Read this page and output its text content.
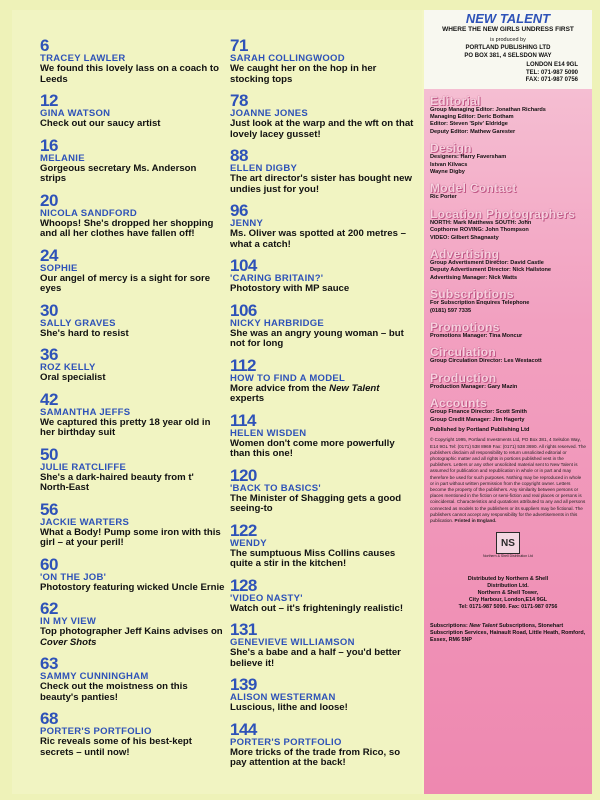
6
TRACEY LAWLER
We found this lovely lass on a coach to Leeds
12
GINA WATSON
Check out our saucy artist
16
MELANIE
Gorgeous secretary Ms. Anderson strips
20
NICOLA SANDFORD
Whoops! She's dropped her shopping and all her clothes have fallen off!
24
SOPHIE
Our angel of mercy is a sight for sore eyes
30
SALLY GRAVES
She's hard to resist
36
ROZ KELLY
Oral specialist
42
SAMANTHA JEFFS
We captured this pretty 18 year old in her birthday suit
50
JULIE RATCLIFFE
She's a dark-haired beauty from t' North-East
56
JACKIE WARTERS
What a Body! Pump some iron with this girl – at your peril!
60
'ON THE JOB'
Photostory featuring wicked Uncle Ernie
62
IN MY VIEW
Top photographer Jeff Kains advises on Cover Shots
63
SAMMY CUNNINGHAM
Check out the moistness on this beauty's panties!
68
PORTER'S PORTFOLIO
Ric reveals some of his best-kept secrets – until now!
71
SARAH COLLINGWOOD
We caught her on the hop in her stocking tops
78
JOANNE JONES
Just look at the warp and the wft on that lovely lacey gusset!
88
ELLEN DIGBY
The art director's sister has bought new undies just for you!
96
JENNY
Ms. Oliver was spotted at 200 metres – what a catch!
104
'CARING BRITAIN?'
Photostory with MP sauce
106
NICKY HARBRIDGE
She was an angry young woman – but not for long
112
HOW TO FIND A MODEL
More advice from the New Talent experts
114
HELEN WISDEN
Women don't come more powerfully than this one!
120
'BACK TO BASICS'
The Minister of Shagging gets a good seeing-to
122
WENDY
The sumptuous Miss Collins causes quite a stir in the kitchen!
128
'VIDEO NASTY'
Watch out – it's frighteningly realistic!
131
GENEVIEVE WILLIAMSON
She's a babe and a half – you'd better believe it!
139
ALISON WESTERMAN
Luscious, lithe and loose!
144
PORTER'S PORTFOLIO
More tricks of the trade from Rico, so pay attention at the back!
NEW TALENT
WHERE THE NEW GIRLS UNDRESS FIRST
is produced by
PORTLAND PUBLISHING LTD
PO BOX 381, 4 SELSDON WAY
LONDON E14 9GL
TEL: 071-987 5090
FAX: 071-987 0756
Editorial
Group Managing Editor: Jonathan Richards
Managing Editor: Deric Botham
Editor: Steven 'Spiv' Eldridge
Deputy Editor: Mathew Garester
Design
Designers: Harry Faversham
Istvan Kilvacs
Wayne Digby
Model Contact
Ric Porter
Location Photographers
NORTH: Mark Matthews SOUTH: John
Copthorne ROVING: John Thompson
VIDEO: Gilbert Shagnasty
Advertising
Group Advertisment Director: David Castle
Deputy Advertisment Director: Nick Hailstone
Advertising Manager: Nick Watts
Subscriptions
For Subscription Enquires Telephone
(0181) 597 7335
Promotions
Promotions Manager: Tina Moncur
Circulation
Group Circulation Director: Les Westacott
Production
Production Manager: Gary Mazin
Accounts
Group Finance Director: Scott Smith
Group Credit Manager: Jim Hagerty
Published by Portland Publishing Ltd
© Copyright 1995, Portland Investments Ltd, PO Box 381, 4 Selsdon Way, E14 9GL Tel: (0171) 538 8969 Fax: (0171) 538 3690. All rights reserved. The publishers disclaim all responsibility to return unsolicited editorial or photographic matter and all rights in portions published vest in the publishers. Letters or any other unsolicited material sent to New Talent is assumed for publication and republication in whole or in part and may therefore be used for such purposes. Nothing may be reproduced in whole or in part without written permission from the copyright owner. Letters become the property of the publishers. Any similarity between persons or places mentioned in the fiction or semi-fiction and real places or persons is coincidental. Characteristics and quotations attributed to any and all persons connected as models to the publishers or its suppliers may be fictional. The publishers cannot accept any responsibility for the advertisements in this publication. Printed in England.
NS
Northern & Shell Distribution Ltd
Distributed by Northern & Shell
Distribution Ltd.
Northern & Shell Tower,
City Harbour, London,E14 9GL
Tel: 0171-987 5090. Fax: 0171-987 0756
Subscriptions: New Talent Subscriptions, Stonehart Subscription Services, Hainault Road, Little Heath, Romford, Essex, RM6 5NP
